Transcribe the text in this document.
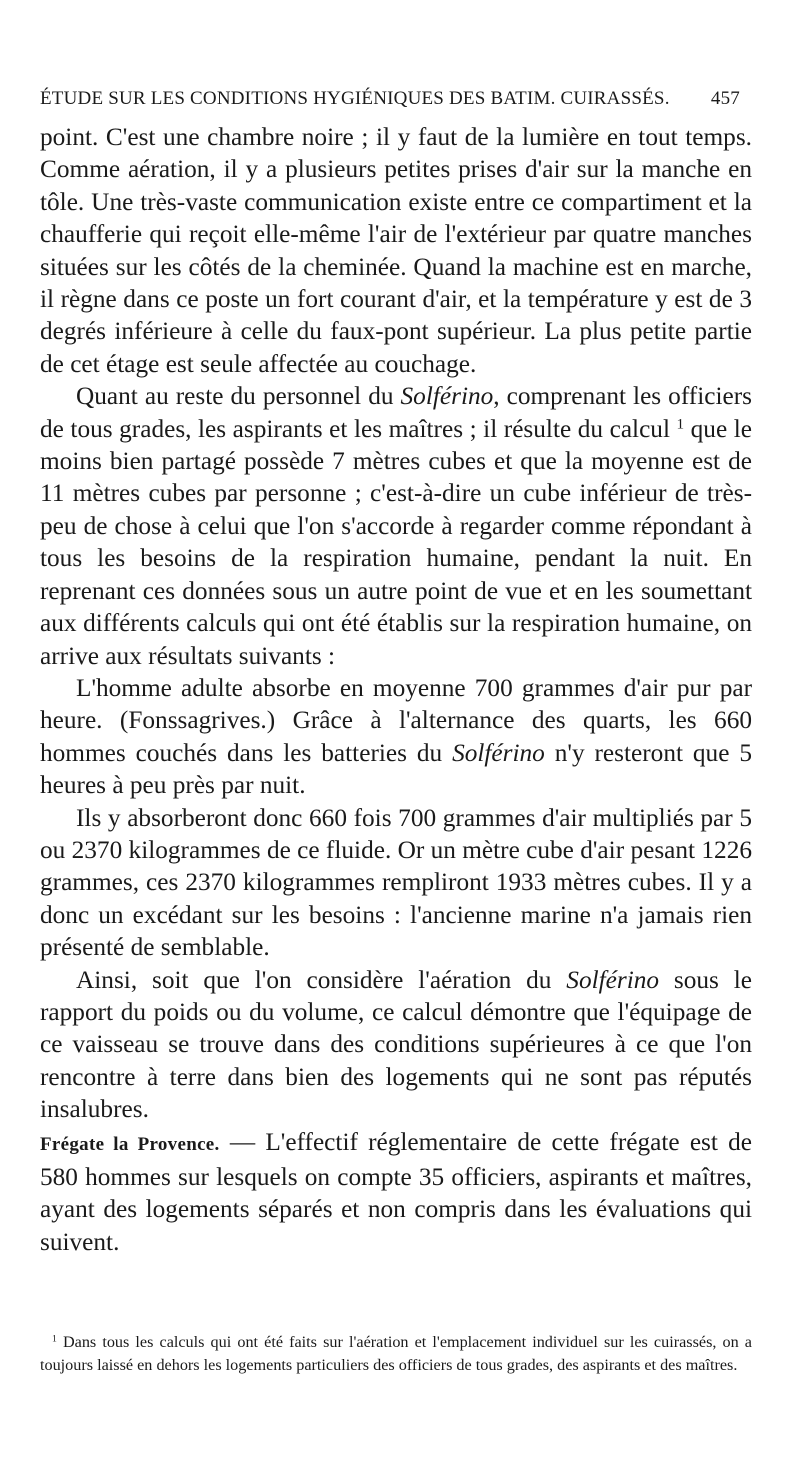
ÉTUDE SUR LES CONDITIONS HYGIÉNIQUES DES BATIM. CUIRASSÉS. 457

point. C'est une chambre noire ; il y faut de la lumière en tout temps. Comme aération, il y a plusieurs petites prises d'air sur la manche en tôle. Une très-vaste communication existe entre ce compartiment et la chaufferie qui reçoit elle-même l'air de l'extérieur par quatre manches situées sur les côtés de la cheminée. Quand la machine est en marche, il règne dans ce poste un fort courant d'air, et la température y est de 3 degrés inférieure à celle du faux-pont supérieur. La plus petite partie de cet étage est seule affectée au couchage.

Quant au reste du personnel du Solférino, comprenant les officiers de tous grades, les aspirants et les maîtres ; il résulte du calcul $^1$ que le moins bien partagé possède 7 mètres cubes et que la moyenne est de 11 mètres cubes par personne ; c'est-à-dire un cube inférieur de très-peu de chose à celui que l'on s'accorde à regarder comme répondant à tous les besoins de la respiration humaine, pendant la nuit. En reprenant ces données sous un autre point de vue et en les soumettant aux différents calculs qui ont été établis sur la respiration humaine, on arrive aux résultats suivants :

L'homme adulte absorbe en moyenne 700 grammes d'air pur par heure. (Fonssagrives.) Grâce à l'alternance des quarts, les 660 hommes couchés dans les batteries du Solférino n'y resteront que 5 heures à peu près par nuit.

Ils y absorberont donc 660 fois 700 grammes d'air multipliés par 5 ou 2370 kilogrammes de ce fluide. Or un mètre cube d'air pesant 1226 grammes, ces 2370 kilogrammes rempliront 1933 mètres cubes. Il y a donc un excédant sur les besoins : l'ancienne marine n'a jamais rien présenté de semblable.

Ainsi, soit que l'on considère l'aération du Solférino sous le rapport du poids ou du volume, ce calcul démontre que l'équipage de ce vaisseau se trouve dans des conditions supérieures à ce que l'on rencontre à terre dans bien des logements qui ne sont pas réputés insalubres.

Frégate la Provence. — L'effectif réglementaire de cette frégate est de 580 hommes sur lesquels on compte 35 officiers, aspirants et maîtres, ayant des logements séparés et non compris dans les évaluations qui suivent.

$^1$ Dans tous les calculs qui ont été faits sur l'aération et l'emplacement individuel sur les cuirassés, on a toujours laissé en dehors les logements particuliers des officiers de tous grades, des aspirants et des maîtres.
